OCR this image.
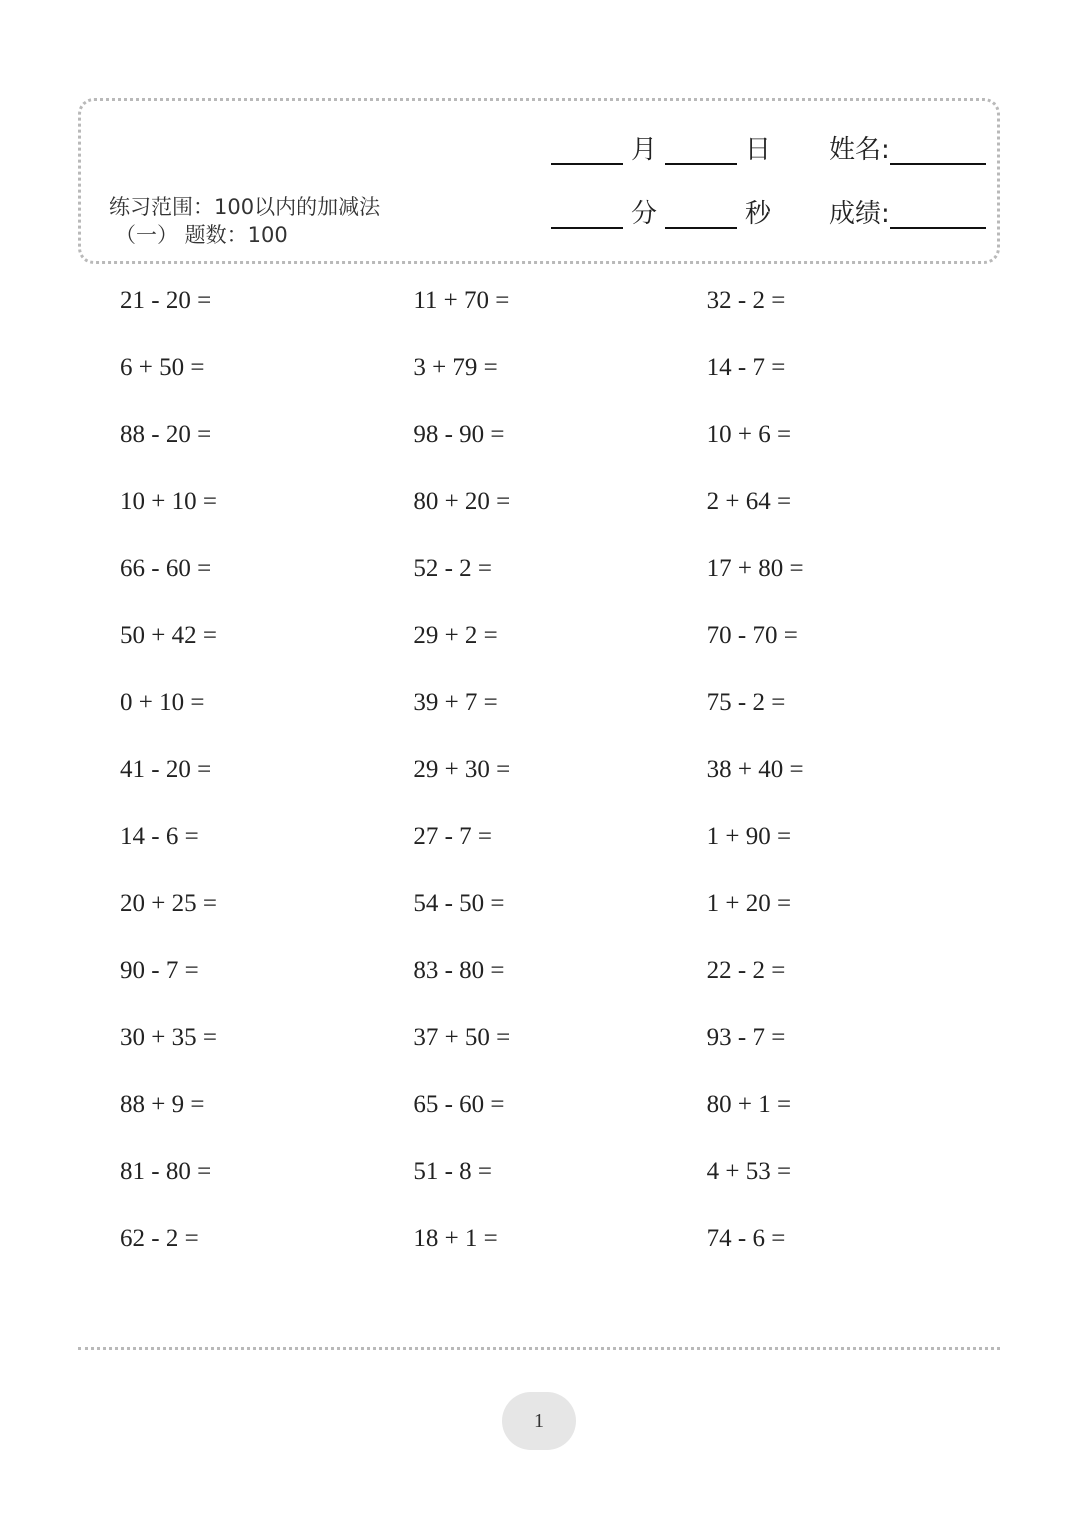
练习范围：100以内的加减法
（一） 题数：100
月	日 姓名:
分	秒 成绩:
21 - 20 =	11 + 70 =	32 - 2 =
6 + 50 =	3 + 79 =	14 - 7 =
88 - 20 =	98 - 90 =	10 + 6 =
10 + 10 =	80 + 20 =	2 + 64 =
66 - 60 =	52 - 2 =	17 + 80 =
50 + 42 =	29 + 2 =	70 - 70 =
0 + 10 =	39 + 7 =	75 - 2 =
41 - 20 =	29 + 30 =	38 + 40 =
14 - 6 =	27 - 7 =	1 + 90 =
20 + 25 =	54 - 50 =	1 + 20 =
90 - 7 =	83 - 80 =	22 - 2 =
30 + 35 =	37 + 50 =	93 - 7 =
88 + 9 =	65 - 60 =	80 + 1 =
81 - 80 =	51 - 8 =	4 + 53 =
62 - 2 =	18 + 1 =	74 - 6 =
1
